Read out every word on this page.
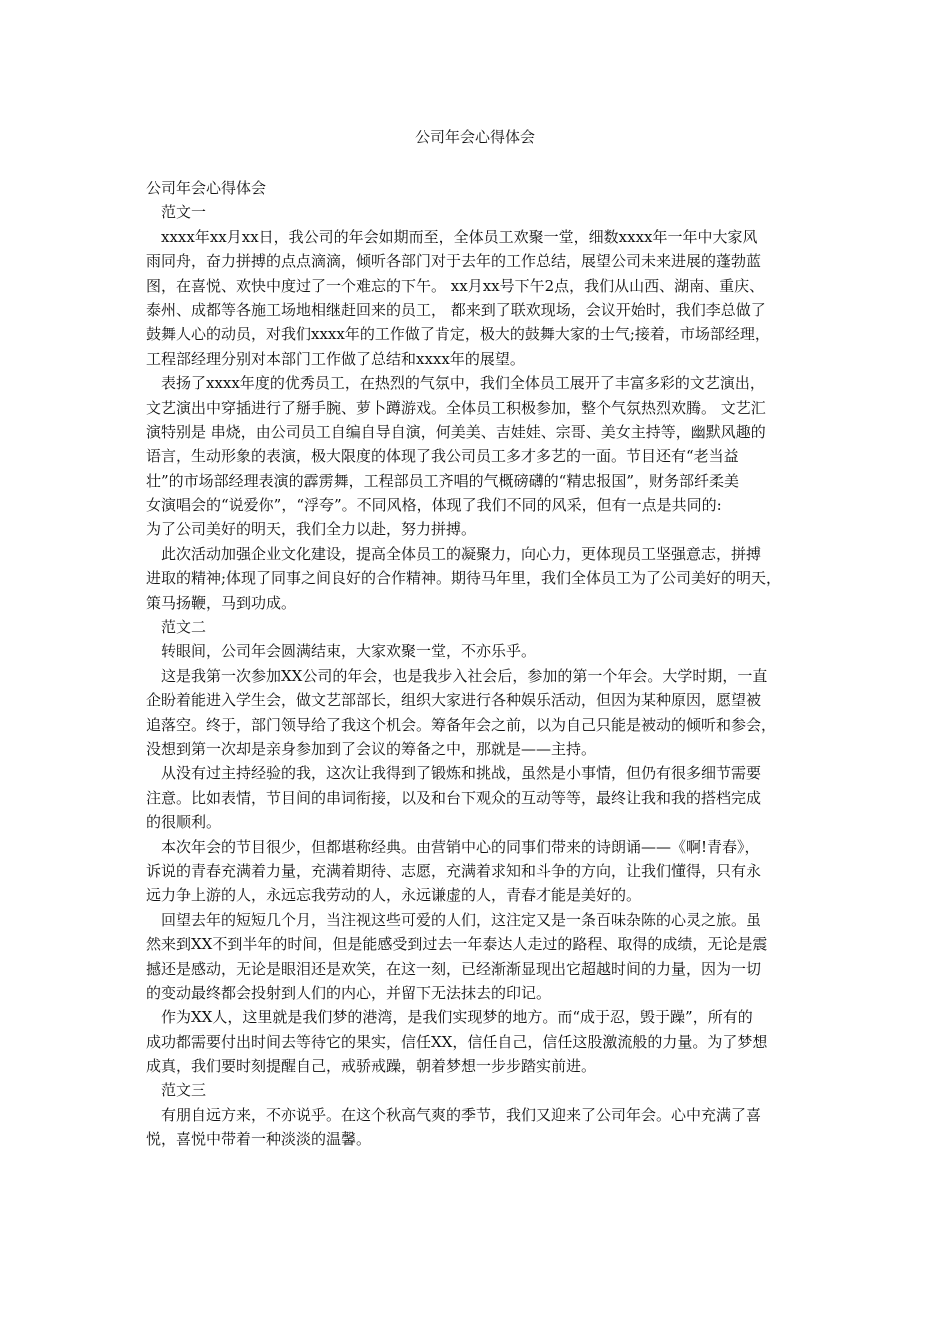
公司年会心得体会
公司年会心得体会
范文一
xxxx年xx月xx日，我公司的年会如期而至，全体员工欢聚一堂，细数xxxx年一年中大家风
雨同舟，奋力拼搏的点点滴滴，倾听各部门对于去年的工作总结，展望公司未来进展的蓬勃蓝
图，在喜悦、欢快中度过了一个难忘的下午。 xx月xx号下午2点，我们从山西、湖南、重庆、
泰州、成都等各施工场地相继赶回来的员工， 都来到了联欢现场，会议开始时，我们李总做了
鼓舞人心的动员，对我们xxxx年的工作做了肯定，极大的鼓舞大家的士气;接着，市场部经理，
工程部经理分别对本部门工作做了总结和xxxx年的展望。
表扬了xxxx年度的优秀员工，在热烈的气氛中，我们全体员工展开了丰富多彩的文艺演出，
文艺演出中穿插进行了掰手腕、萝卜蹲游戏。全体员工积极参加，整个气氛热烈欢腾。 文艺汇
演特别是 串烧，由公司员工自编自导自演，何美美、吉娃娃、宗哥、美女主持等，幽默风趣的
语言，生动形象的表演，极大限度的体现了我公司员工多才多艺的一面。节目还有“老当益
壮”的市场部经理表演的霹雳舞，工程部员工齐唱的气概磅礴的“精忠报国”，财务部纤柔美
女演唱会的“说爱你”，“浮夸”。不同风格，体现了我们不同的风采，但有一点是共同的:
为了公司美好的明天，我们全力以赴，努力拼搏。
此次活动加强企业文化建设，提高全体员工的凝聚力，向心力，更体现员工坚强意志，拼搏
进取的精神;体现了同事之间良好的合作精神。期待马年里，我们全体员工为了公司美好的明天，
策马扬鞭，马到功成。
范文二
转眼间，公司年会圆满结束，大家欢聚一堂，不亦乐乎。
这是我第一次参加XX公司的年会，也是我步入社会后，参加的第一个年会。大学时期，一直
企盼着能进入学生会，做文艺部部长，组织大家进行各种娱乐活动，但因为某种原因，愿望被
追落空。终于，部门领导给了我这个机会。筹备年会之前，以为自己只能是被动的倾听和参会，
没想到第一次却是亲身参加到了会议的筹备之中，那就是——主持。
从没有过主持经验的我，这次让我得到了锻炼和挑战，虽然是小事情，但仍有很多细节需要
注意。比如表情，节目间的串词衔接，以及和台下观众的互动等等，最终让我和我的搭档完成
的很顺利。
本次年会的节目很少，但都堪称经典。由营销中心的同事们带来的诗朗诵——《啊!青春》，
诉说的青春充满着力量，充满着期待、志愿，充满着求知和斗争的方向，让我们懂得，只有永
远力争上游的人，永远忘我劳动的人，永远谦虚的人，青春才能是美好的。
回望去年的短短几个月，当注视这些可爱的人们，这注定又是一条百味杂陈的心灵之旅。虽
然来到XX不到半年的时间，但是能感受到过去一年泰达人走过的路程、取得的成绩，无论是震
撼还是感动，无论是眼泪还是欢笑，在这一刻，已经渐渐显现出它超越时间的力量，因为一切
的变动最终都会投射到人们的内心，并留下无法抹去的印记。
作为XX人，这里就是我们梦的港湾，是我们实现梦的地方。而“成于忍，毁于躁”，所有的
成功都需要付出时间去等待它的果实，信任XX，信任自己，信任这股激流般的力量。为了梦想
成真，我们要时刻提醒自己，戒骄戒躁，朝着梦想一步步踏实前进。
范文三
有朋自远方来，不亦说乎。在这个秋高气爽的季节，我们又迎来了公司年会。心中充满了喜
悦，喜悦中带着一种淡淡的温馨。
